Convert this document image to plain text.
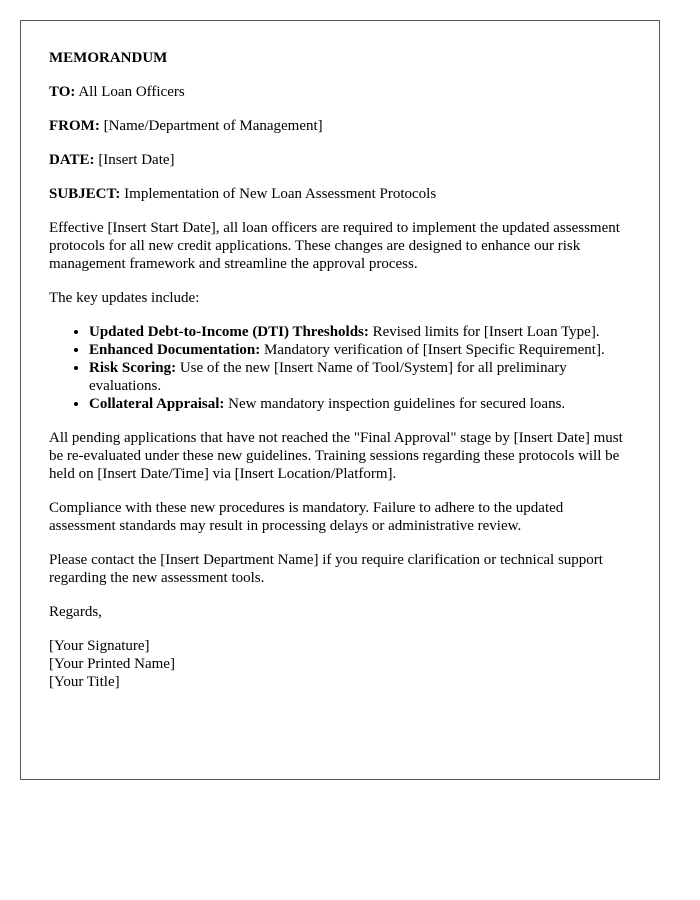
MEMORANDUM

TO: All Loan Officers

FROM: [Name/Department of Management]

DATE: [Insert Date]

SUBJECT: Implementation of New Loan Assessment Protocols

Effective [Insert Start Date], all loan officers are required to implement the updated assessment protocols for all new credit applications. These changes are designed to enhance our risk management framework and streamline the approval process.

The key updates include:

• Updated Debt-to-Income (DTI) Thresholds: Revised limits for [Insert Loan Type].
• Enhanced Documentation: Mandatory verification of [Insert Specific Requirement].
• Risk Scoring: Use of the new [Insert Name of Tool/System] for all preliminary evaluations.
• Collateral Appraisal: New mandatory inspection guidelines for secured loans.

All pending applications that have not reached the "Final Approval" stage by [Insert Date] must be re-evaluated under these new guidelines. Training sessions regarding these protocols will be held on [Insert Date/Time] via [Insert Location/Platform].

Compliance with these new procedures is mandatory. Failure to adhere to the updated assessment standards may result in processing delays or administrative review.

Please contact the [Insert Department Name] if you require clarification or technical support regarding the new assessment tools.

Regards,

[Your Signature]
[Your Printed Name]
[Your Title]
